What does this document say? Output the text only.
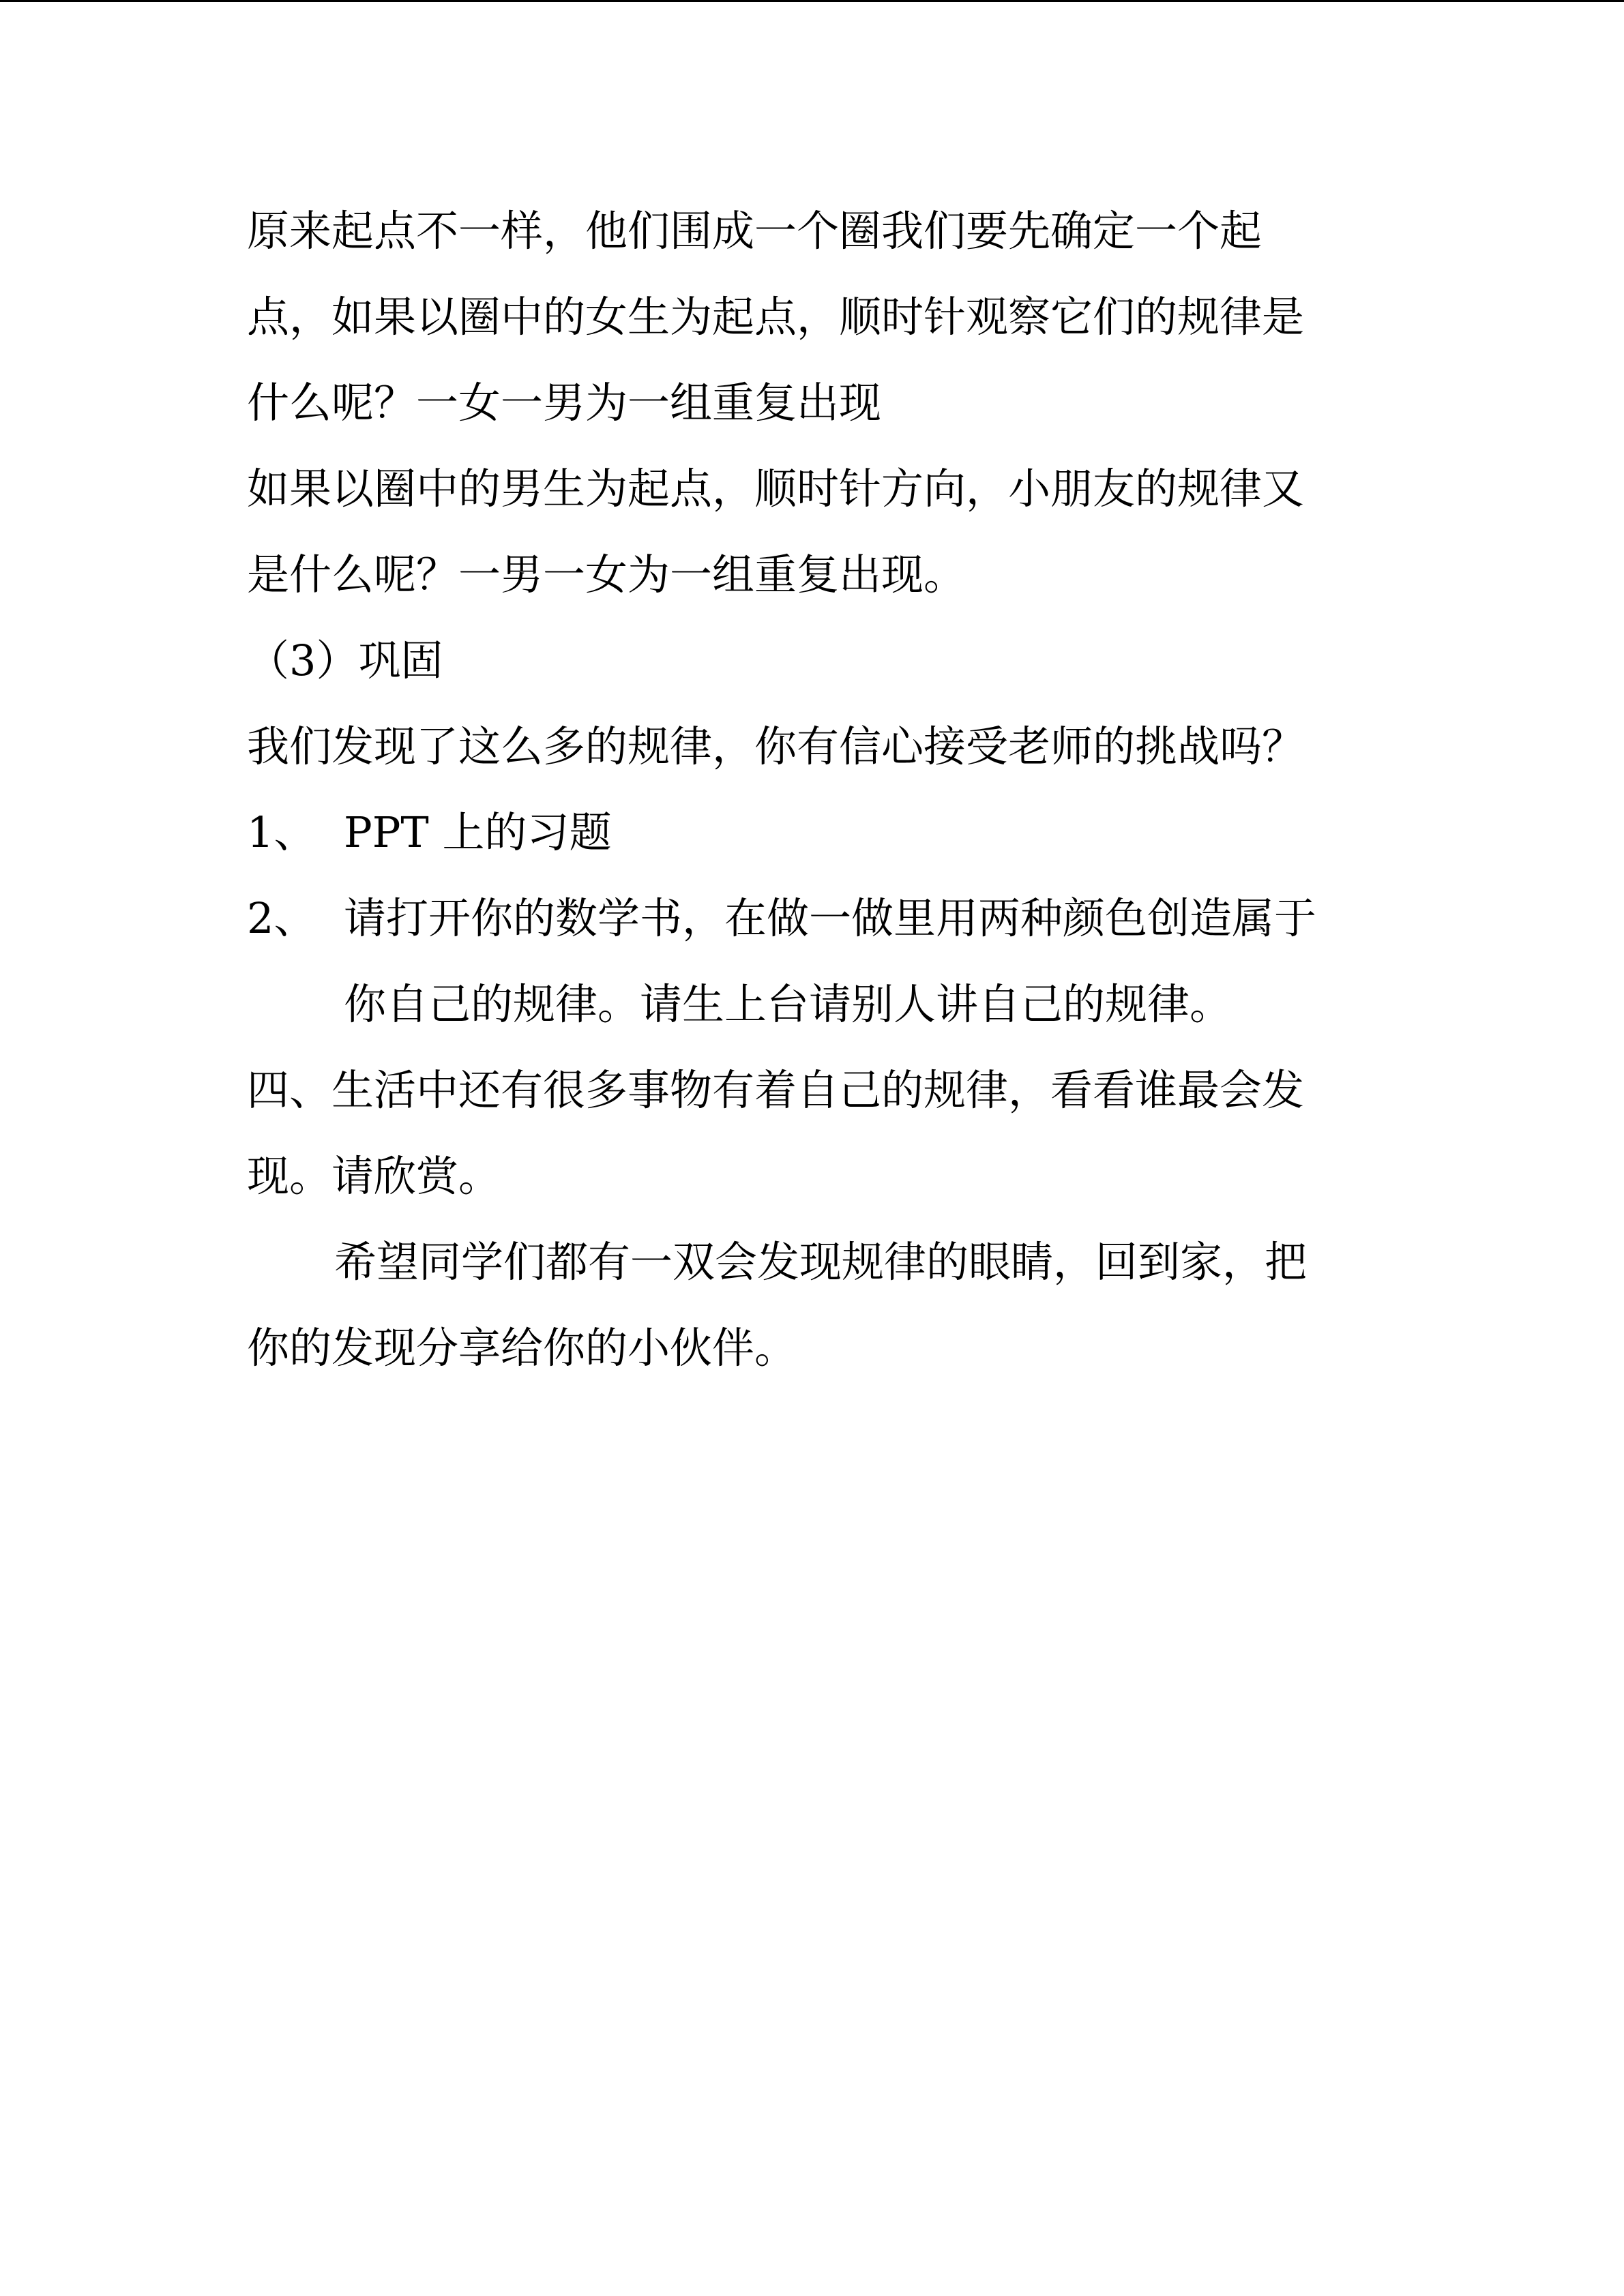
原来起点不一样，他们围成一个圈我们要先确定一个起
点，如果以圈中的女生为起点，顺时针观察它们的规律是
什么呢？一女一男为一组重复出现
如果以圈中的男生为起点，顺时针方向，小朋友的规律又
是什么呢？一男一女为一组重复出现。
（3）巩固
我们发现了这么多的规律，你有信心接受老师的挑战吗？
1、 PPT 上的习题
2、 请打开你的数学书，在做一做里用两种颜色创造属于
你自己的规律。请生上台请别人讲自己的规律。
四、生活中还有很多事物有着自己的规律，看看谁最会发
现。请欣赏。
希望同学们都有一双会发现规律的眼睛，回到家，把
你的发现分享给你的小伙伴。
